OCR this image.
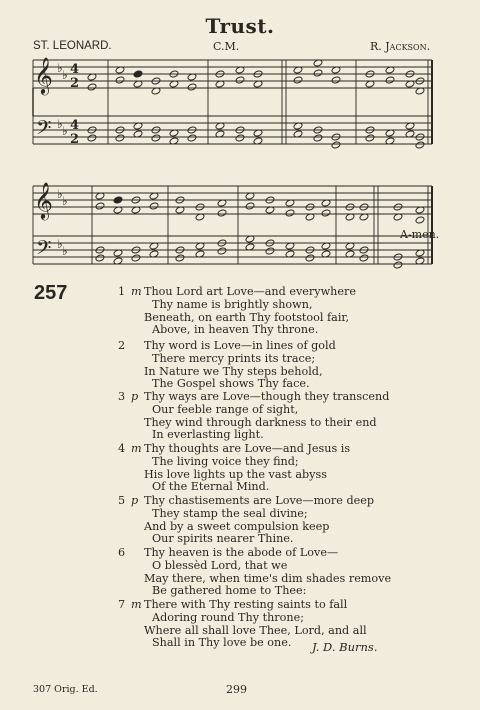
Trust.
ST. LEONARD.	C.M.	R. Jackson.
𝄞
𝄢
𝄞
𝄢
♭ ♭
♭ ♭
♭ ♭
♭ ♭
4
2
4
2
A-men.
257	1 m Thou Lord art Love—and everywhere
Thy name is brightly shown,
Beneath, on earth Thy footstool fair,
Above, in heaven Thy throne.
2	Thy word is Love—in lines of gold
There mercy prints its trace;
In Nature we Thy steps behold,
The Gospel shows Thy face.
3 p Thy ways are Love—though they transcend
Our feeble range of sight,
They wind through darkness to their end
In everlasting light.
4 m Thy thoughts are Love—and Jesus is
The living voice they find;
His love lights up the vast abyss
Of the Eternal Mind.
5 p Thy chastisements are Love—more deep
They stamp the seal divine;
And by a sweet compulsion keep
Our spirits nearer Thine.
6	Thy heaven is the abode of Love—
O blessèd Lord, that we
May there, when time's dim shades remove
Be gathered home to Thee:
7 m There with Thy resting saints to fall
Adoring round Thy throne;
Where all shall love Thee, Lord, and all
Shall in Thy love be one. J. D. Burns.
307 Orig. Ed.	299
